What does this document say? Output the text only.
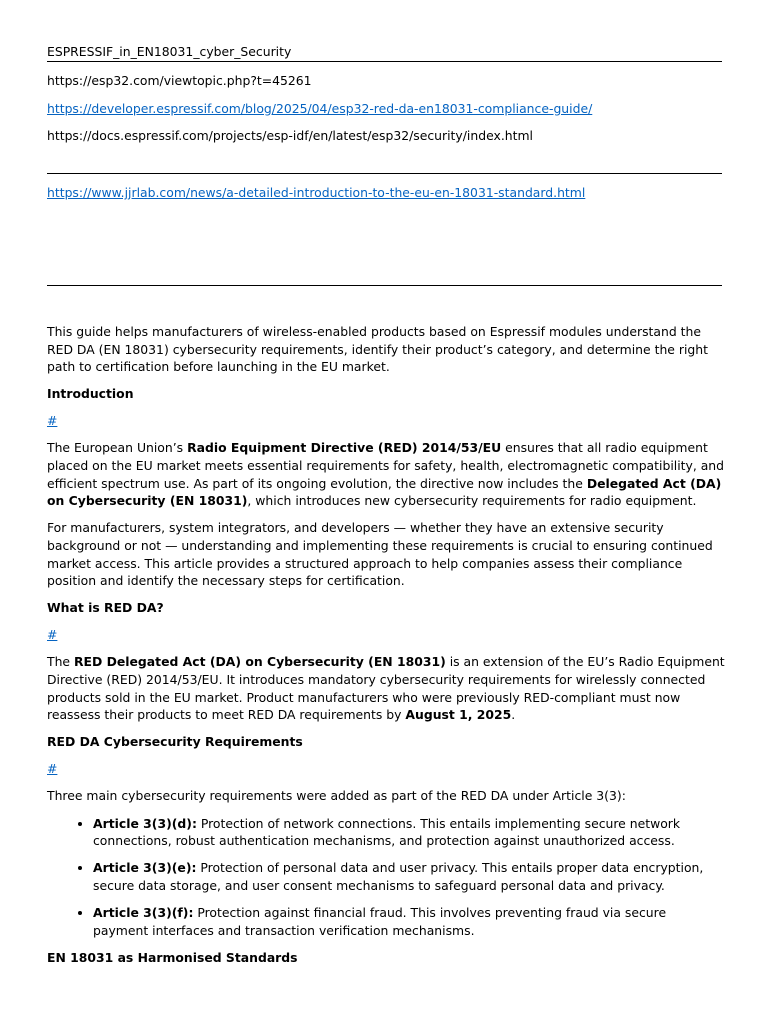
ESPRESSIF_in_EN18031_cyber_Security
https://esp32.com/viewtopic.php?t=45261
https://developer.espressif.com/blog/2025/04/esp32-red-da-en18031-compliance-guide/
https://docs.espressif.com/projects/esp-idf/en/latest/esp32/security/index.html
https://www.jjrlab.com/news/a-detailed-introduction-to-the-eu-en-18031-standard.html

This guide helps manufacturers of wireless-enabled products based on Espressif modules understand the RED DA (EN 18031) cybersecurity requirements, identify their product’s category, and determine the right path to certification before launching in the EU market.

Introduction

#

The European Union’s Radio Equipment Directive (RED) 2014/53/EU ensures that all radio equipment placed on the EU market meets essential requirements for safety, health, electromagnetic compatibility, and efficient spectrum use. As part of its ongoing evolution, the directive now includes the Delegated Act (DA) on Cybersecurity (EN 18031), which introduces new cybersecurity requirements for radio equipment.

For manufacturers, system integrators, and developers — whether they have an extensive security background or not — understanding and implementing these requirements is crucial to ensuring continued market access. This article provides a structured approach to help companies assess their compliance position and identify the necessary steps for certification.

What is RED DA?

#

The RED Delegated Act (DA) on Cybersecurity (EN 18031) is an extension of the EU’s Radio Equipment Directive (RED) 2014/53/EU. It introduces mandatory cybersecurity requirements for wirelessly connected products sold in the EU market. Product manufacturers who were previously RED-compliant must now reassess their products to meet RED DA requirements by August 1, 2025.

RED DA Cybersecurity Requirements

#

Three main cybersecurity requirements were added as part of the RED DA under Article 3(3):

• Article 3(3)(d): Protection of network connections. This entails implementing secure network connections, robust authentication mechanisms, and protection against unauthorized access.
• Article 3(3)(e): Protection of personal data and user privacy. This entails proper data encryption, secure data storage, and user consent mechanisms to safeguard personal data and privacy.
• Article 3(3)(f): Protection against financial fraud. This involves preventing fraud via secure payment interfaces and transaction verification mechanisms.

EN 18031 as Harmonised Standards
